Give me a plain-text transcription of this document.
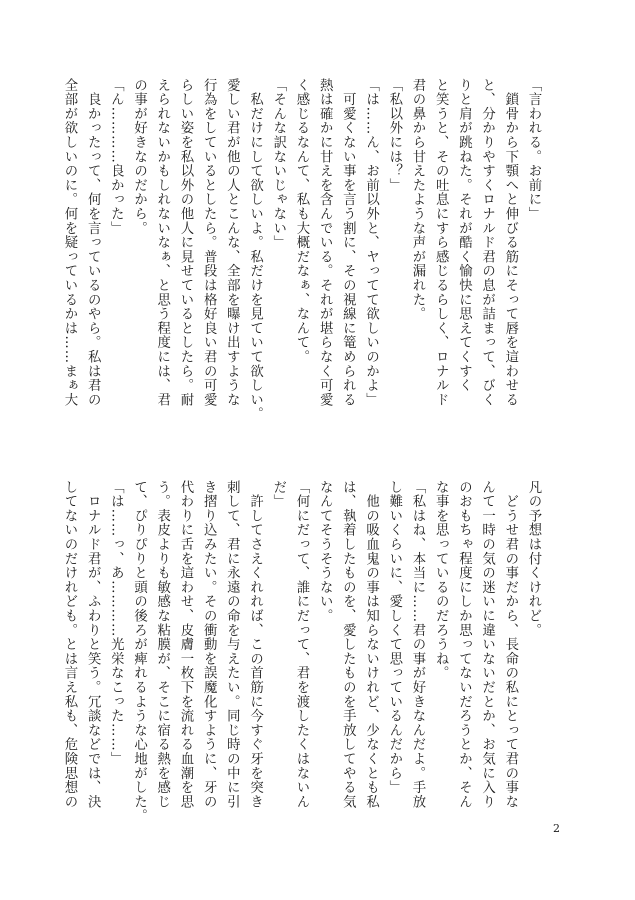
「言われる。お前に」
　鎖骨から下顎へと伸びる筋にそって唇を這わせる
と、分かりやすくロナルド君の息が詰まって、びく
りと肩が跳ねた。それが酷く愉快に思えてくすく
と笑うと、その吐息にすら感じるらしく、ロナルド
君の鼻から甘えたような声が漏れた。
「私以外には？」
「は……ん、お前以外と、ヤってて欲しいのかよ」
　可愛くない事を言う割に、その視線に篭められる
熱は確かに甘えを含んでいる。それが堪らなく可愛
く感じるなんて、私も大概だなぁ、なんて。
「そんな訳ないじゃない」
　私だけにして欲しいよ。私だけを見ていて欲しい。
愛しい君が他の人とこんな、全部を曝け出すような
行為をしているとしたら。普段は格好良い君の可愛
らしい姿を私以外の他人に見せているとしたら。耐
えられないかもしれないなぁ、と思う程度には、君
の事が好きなのだから。
「ん…………良かった」
　良かったって、何を言っているのやら。私は君の
全部が欲しいのに。何を疑っているかは……まぁ大
凡の予想は付くけれど。
　どうせ君の事だから、長命の私にとって君の事な
んて一時の気の迷いに違いないだとか、お気に入り
のおもちゃ程度にしか思ってないだろうとか、そん
な事を思っているのだろうね。
「私はね、本当に……君の事が好きなんだよ。手放
し難いくらいに、愛しくて思っているんだから」
　他の吸血鬼の事は知らないけれど、少なくとも私
は、執着したものを、愛したものを手放してやる気
なんてそうそうない。
「何にだって、誰にだって、君を渡したくはないん
だ」
　許してさえくれれば、この首筋に今すぐ牙を突き
刺して、君に永遠の命を与えたい。同じ時の中に引
き摺り込みたい。その衝動を誤魔化すように、牙の
代わりに舌を這わせ、皮膚一枚下を流れる血潮を思
う。表皮よりも敏感な粘膜が、そこに宿る熱を感じ
て、ぴりぴりと頭の後ろが痺れるような心地がした。
「は……っ、あ…………光栄なこった……」
　ロナルド君が、ふわりと笑う。冗談などでは、決
してないのだけれども。とは言え私も、危険思想の
2
